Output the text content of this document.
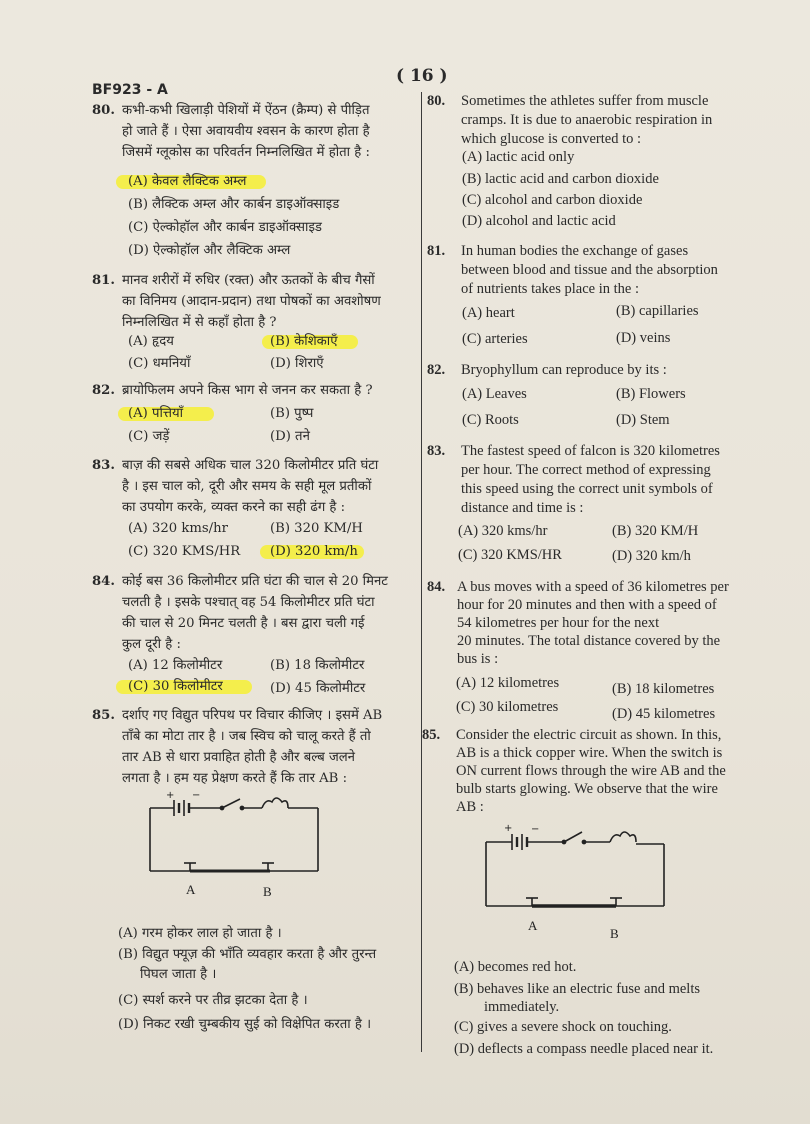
( 16 )
BF923 - A
80. कभी-कभी खिलाड़ी पेशियों में ऐंठन (क्रैम्प) से पीड़ित
हो जाते हैं । ऐसा अवायवीय श्वसन के कारण होता है
जिसमें ग्लूकोस का परिवर्तन निम्नलिखित में होता है :
(A) केवल लैक्टिक अम्ल
(B) लैक्टिक अम्ल और कार्बन डाइऑक्साइड
(C) ऐल्कोहॉल और कार्बन डाइऑक्साइड
(D) ऐल्कोहॉल और लैक्टिक अम्ल
81. मानव शरीरों में रुधिर (रक्त) और ऊतकों के बीच गैसों
का विनिमय (आदान-प्रदान) तथा पोषकों का अवशोषण
निम्नलिखित में से कहाँ होता है ?
(A) हृदय	(B) केशिकाएँ
(C) धमनियाँ	(D) शिराएँ
82. ब्रायोफिलम अपने किस भाग से जनन कर सकता है ?
(A) पत्तियाँ	(B) पुष्प
(C) जड़ें	(D) तने
83. बाज़ की सबसे अधिक चाल 320 किलोमीटर प्रति घंटा
है । इस चाल को, दूरी और समय के सही मूल प्रतीकों
का उपयोग करके, व्यक्त करने का सही ढंग है :
(A) 320 kms/hr	(B) 320 KM/H
(C) 320 KMS/HR (D) 320 km/h
84. कोई बस 36 किलोमीटर प्रति घंटा की चाल से 20 मिनट
चलती है । इसके पश्चात् वह 54 किलोमीटर प्रति घंटा
की चाल से 20 मिनट चलती है । बस द्वारा चली गई
कुल दूरी है :
(A) 12 किलोमीटर	(B) 18 किलोमीटर
(C) 30 किलोमीटर	(D) 45 किलोमीटर
85. दर्शाए गए विद्युत परिपथ पर विचार कीजिए । इसमें AB
ताँबे का मोटा तार है । जब स्विच को चालू करते हैं तो
तार AB से धारा प्रवाहित होती है और बल्ब जलने
लगता है । हम यह प्रेक्षण करते हैं कि तार AB :
+ −
A	B
(A) गरम होकर लाल हो जाता है ।
(B) विद्युत फ्यूज़ की भाँति व्यवहार करता है और तुरन्त
पिघल जाता है ।
(C) स्पर्श करने पर तीव्र झटका देता है ।
(D) निकट रखी चुम्बकीय सुई को विक्षेपित करता है ।
80. Sometimes the athletes suffer from muscle
cramps. It is due to anaerobic respiration in
which glucose is converted to :
(A) lactic acid only
(B) lactic acid and carbon dioxide
(C) alcohol and carbon dioxide
(D) alcohol and lactic acid
81. In human bodies the exchange of gases
between blood and tissue and the absorption
of nutrients takes place in the :
(A) heart	(B) capillaries
(C) arteries	(D) veins
82. Bryophyllum can reproduce by its :
(A) Leaves	(B) Flowers
(C) Roots	(D) Stem
83. The fastest speed of falcon is 320 kilometres
per hour. The correct method of expressing
this speed using the correct unit symbols of
distance and time is :
(A) 320 kms/hr	(B) 320 KM/H
(C) 320 KMS/HR	(D) 320 km/h
84. A bus moves with a speed of 36 kilometres per
hour for 20 minutes and then with a speed of
54 kilometres per hour for the next
20 minutes. The total distance covered by the
bus is :
(A) 12 kilometres	(B) 18 kilometres
(C) 30 kilometres	(D) 45 kilometres
85. Consider the electric circuit as shown. In this,
AB is a thick copper wire. When the switch is
ON current flows through the wire AB and the
bulb starts glowing. We observe that the wire
AB :
+ −
A
B
(A) becomes red hot.
(B) behaves like an electric fuse and melts
immediately.
(C) gives a severe shock on touching.
(D) deflects a compass needle placed near it.
